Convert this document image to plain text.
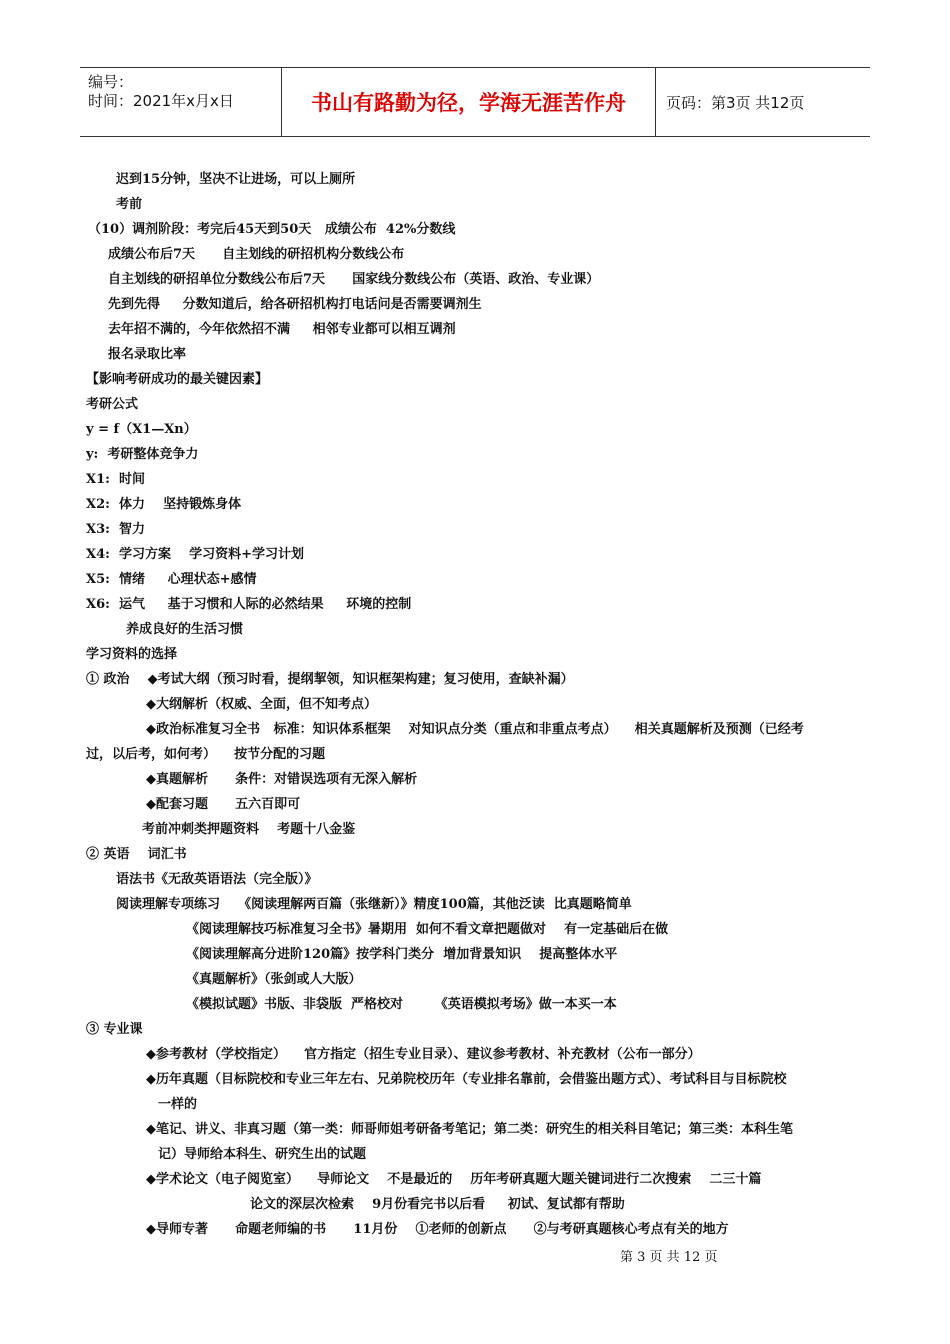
编号：
时间：2021年x月x日	书山有路勤为径，学海无涯苦作舟	页码：第3页 共12页
迟到15分钟，坚决不让进场，可以上厕所
考前
（10）调剂阶段：考完后45天到50天   成绩公布  42%分数线
成绩公布后7天      自主划线的研招机构分数线公布
自主划线的研招单位分数线公布后7天      国家线分数线公布（英语、政治、专业课）
先到先得     分数知道后，给各研招机构打电话问是否需要调剂生
去年招不满的，今年依然招不满     相邻专业都可以相互调剂
报名录取比率
【影响考研成功的最关键因素】
考研公式
y = f（X1—Xn）
y:  考研整体竞争力
X1:  时间
X2:  体力    坚持锻炼身体
X3:  智力
X4:  学习方案    学习资料+学习计划
X5:  情绪     心理状态+感情
X6:  运气     基于习惯和人际的必然结果     环境的控制
养成良好的生活习惯
学习资料的选择
① 政治    ◆考试大纲（预习时看，提纲挈领，知识框架构建；复习使用，查缺补漏）
◆大纲解析（权威、全面，但不知考点）
◆政治标准复习全书   标准：知识体系框架    对知识点分类（重点和非重点考点）    相关真题解析及预测（已经考
过，以后考，如何考）    按节分配的习题
◆真题解析      条件：对错误选项有无深入解析
◆配套习题      五六百即可
考前冲刺类押题资料    考题十八金鉴
② 英语    词汇书
语法书《无敌英语语法（完全版）》
阅读理解专项练习    《阅读理解两百篇（张继新）》精度100篇，其他泛读  比真题略简单
《阅读理解技巧标准复习全书》暑期用  如何不看文章把题做对    有一定基础后在做
《阅读理解高分进阶120篇》按学科门类分  增加背景知识    提高整体水平
《真题解析》（张剑或人大版）
《模拟试题》书版、非袋版  严格校对       《英语模拟考场》做一本买一本
③ 专业课
◆参考教材（学校指定）    官方指定（招生专业目录）、建议参考教材、补充教材（公布一部分）
◆历年真题（目标院校和专业三年左右、兄弟院校历年（专业排名靠前，会借鉴出题方式）、考试科目与目标院校
一样的
◆笔记、讲义、非真习题（第一类：师哥师姐考研备考笔记；第二类：研究生的相关科目笔记；第三类：本科生笔
记）导师给本科生、研究生出的试题
◆学术论文（电子阅览室）    导师论文    不是最近的    历年考研真题大题关键词进行二次搜索    二三十篇
论文的深层次检索    9月份看完书以后看     初试、复试都有帮助
◆导师专著      命题老师编的书      11月份    ①老师的创新点      ②与考研真题核心考点有关的地方
第 3 页 共 12 页
